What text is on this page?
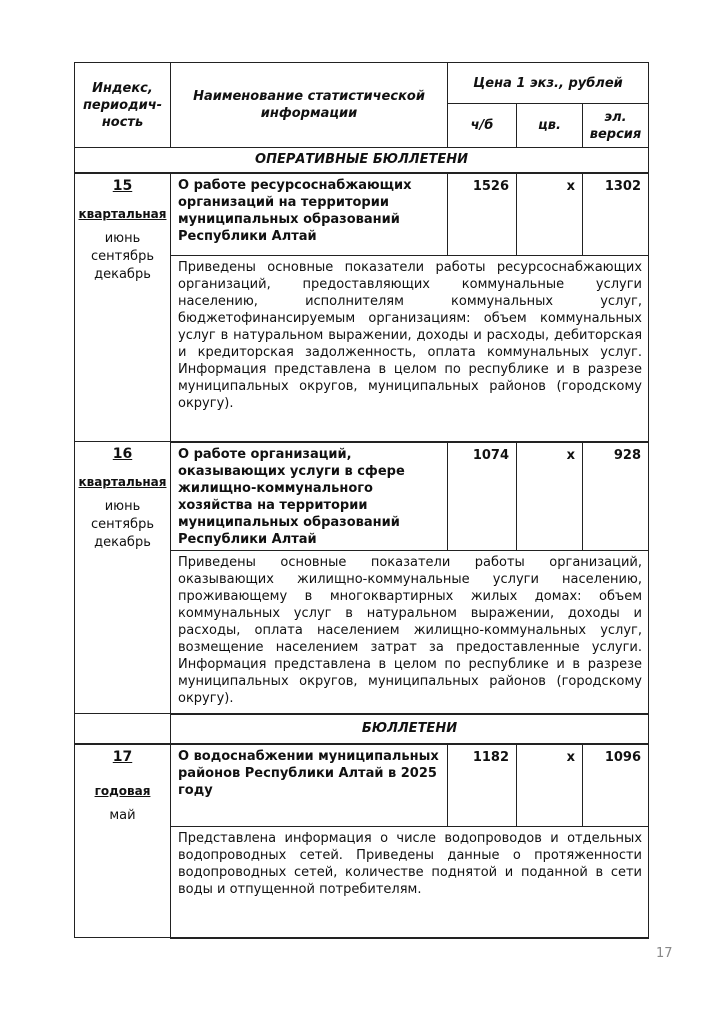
Индекс, периодич-ность	Наименование статистической информации	Цена 1 экз., рублей		
		ч/б	цв.	эл. версия
ОПЕРАТИВНЫЕ БЮЛЛЕТЕНИ				

15
квартальная
июнь
сентябрь
декабрь	О работе ресурсоснабжающих организаций на территории муниципальных образований Республики Алтай	1526	х	1302
	Приведены основные показатели работы ресурсоснабжающих организаций, предоставляющих коммунальные услуги населению, исполнителям коммунальных услуг, бюджетофинансируемым организациям: объем коммунальных услуг в натуральном выражении, доходы и расходы, дебиторская и кредиторская задолженность, оплата коммунальных услуг. Информация представлена в целом по республике и в разрезе муниципальных округов, муниципальных районов (городскому округу).			

16
квартальная
июнь
сентябрь
декабрь	О работе организаций, оказывающих услуги в сфере жилищно-коммунального хозяйства на территории муниципальных образований Республики Алтай	1074	х	928
	Приведены основные показатели работы организаций, оказывающих жилищно-коммунальные услуги населению, проживающему в многоквартирных жилых домах: объем коммунальных услуг в натуральном выражении, доходы и расходы, оплата населением жилищно-коммунальных услуг, возмещение населением затрат за предоставленные услуги. Информация представлена в целом по республике и в разрезе муниципальных округов, муниципальных районов (городскому округу).			
	БЮЛЛЕТЕНИ			

17
годовая
май	О водоснабжении муниципальных районов Республики Алтай в 2025 году	1182	х	1096
	Представлена информация о числе водопроводов и отдельных водопроводных сетей. Приведены данные о протяженности водопроводных сетей, количестве поднятой и поданной в сети воды и отпущенной потребителям.			
17
